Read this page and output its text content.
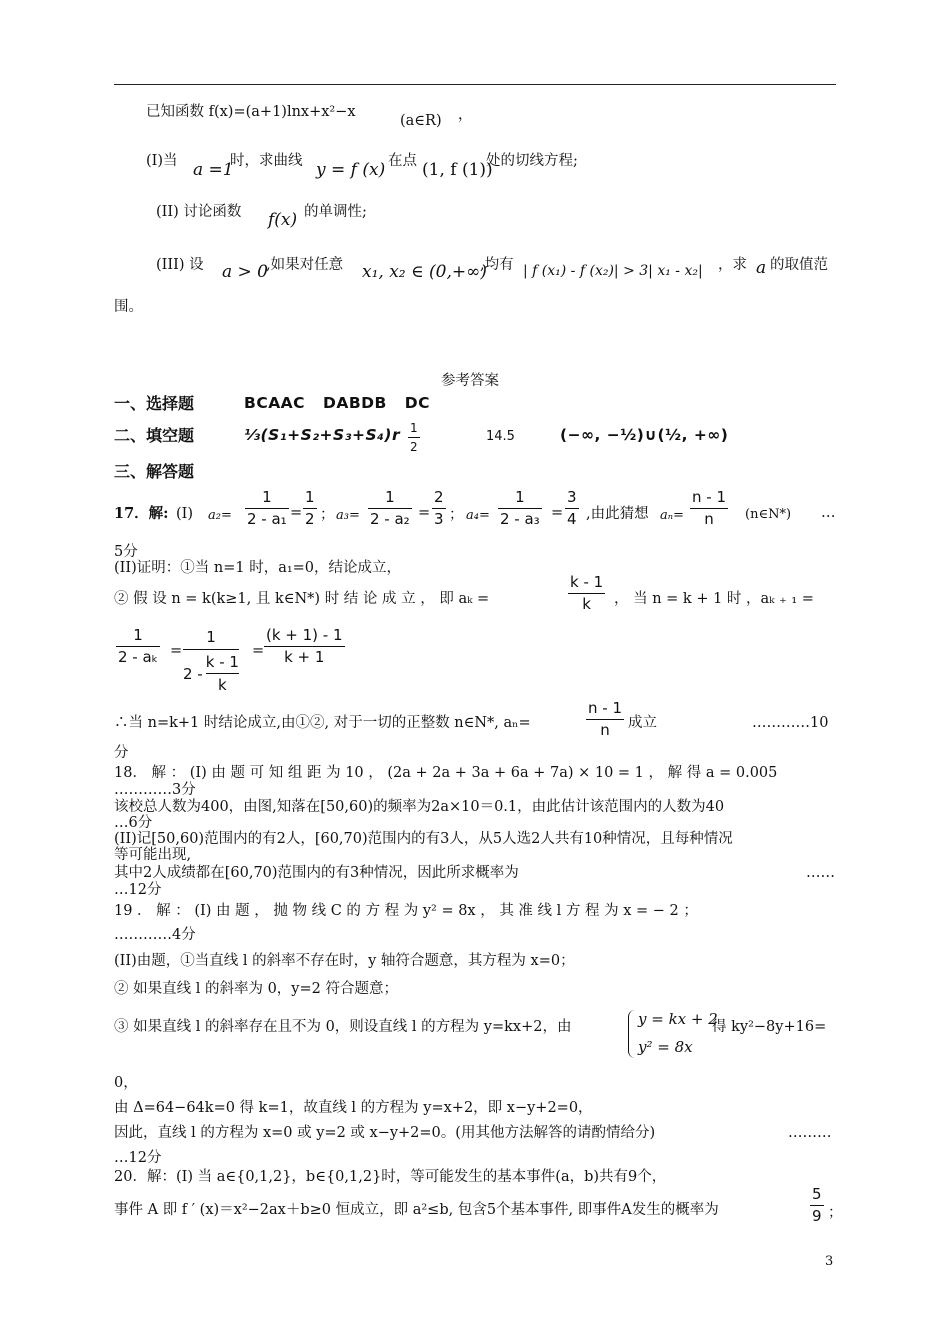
已知函数 f(x)=(a+1)lnx+x²−x
(a∈R) ，
(I)当 a =1
时，求曲线 y = f (x) 在点 (1, f (1))
处的切线方程;
(II) 讨论函数 f(x) 的单调性;
(III) 设 a > 0
,如果对任意 x₁, x₂ ∈ (0,+∞)
,均有 | f (x₁) - f (x₂)| > 3| x₁ - x₂| ，求 a 的取值范
围。
参考答案
一、选择题	BCAAC DABDB DC
二、填空题	⅓(S₁+S₂+S₃+S₄)r $\frac{1}{2}$	14.5	(−∞, −½)∪(½, +∞)
三、解答题
17．解: (I) $a_2= \frac{1}{\text{2 - a₁}} = \frac{1}{2}$ ； $a_3= \frac{1}{\text{2 - a₂}} = \frac{2}{3}$ ； $a_4= \frac{1}{\text{2 - a₃}} = \frac{3}{4}$ ,由此猜想 $a_n= \frac{n - 1}{n}$ (n∈N*) …
5分
(II)证明：①当 n=1 时，a₁=0，结论成立，
② 假 设 n = k(k≥1, 且 k∈N*) 时 结 论 成 立 ， 即 aₖ =	$\frac{k - 1}{k}$ ， 当 n = k + 1 时 ，aₖ ₊ ₁ =
$\frac{1}{\text{2 - aₖ}}$ =
1
2 -
k - 1
k
= $\frac{(k + 1) - 1}{k + 1}$
∴当 n=k+1 时结论成立,由①②, 对于一切的正整数 n∈N*, aₙ=	$\frac{n - 1}{n}$ 成立	…………10
分
18． 解 ： (I) 由 题 可 知 组 距 为 10 ， (2a + 2a + 3a + 6a + 7a) × 10 = 1 ， 解 得 a = 0.005
…………3分
该校总人数为400，由图,知落在[50,60)的频率为2a×10＝0.1，由此估计该范围内的人数为40
…6分
(II)记[50,60)范围内的有2人，[60,70)范围内的有3人，从5人选2人共有10种情况，且每种情况
等可能出现,
其中2人成绩都在[60,70)范围内的有3种情况，因此所求概率为	……
…12分
19 ． 解 ： (I) 由 题 ， 抛 物 线 C 的 方 程 为 y² = 8x ， 其 准 线 l 方 程 为 x = − 2 ；
…………4分
(II)由题，①当直线 l 的斜率不存在时，y 轴符合题意，其方程为 x=0；
② 如果直线 l 的斜率为 0，y=2 符合题意；
③ 如果直线 l 的斜率存在且不为 0，则设直线 l 的方程为 y=kx+2，由	y = kx + 2
y² = 8x
得 ky²−8y+16=
0，
由 Δ=64−64k=0 得 k=1，故直线 l 的方程为 y=x+2，即 x−y+2=0，
因此，直线 l 的方程为 x=0 或 y=2 或 x−y+2=0。(用其他方法解答的请酌情给分)	………
…12分
20．解：(I) 当 a∈{0,1,2}，b∈{0,1,2}时，等可能发生的基本事件(a，b)共有9个，
事件 A 即 f ′ (x)＝x²−2ax＋b≥0 恒成立，即 a²≤b, 包含5个基本事件, 即事件A发生的概率为	$\frac{5}{9}$ ；
3
